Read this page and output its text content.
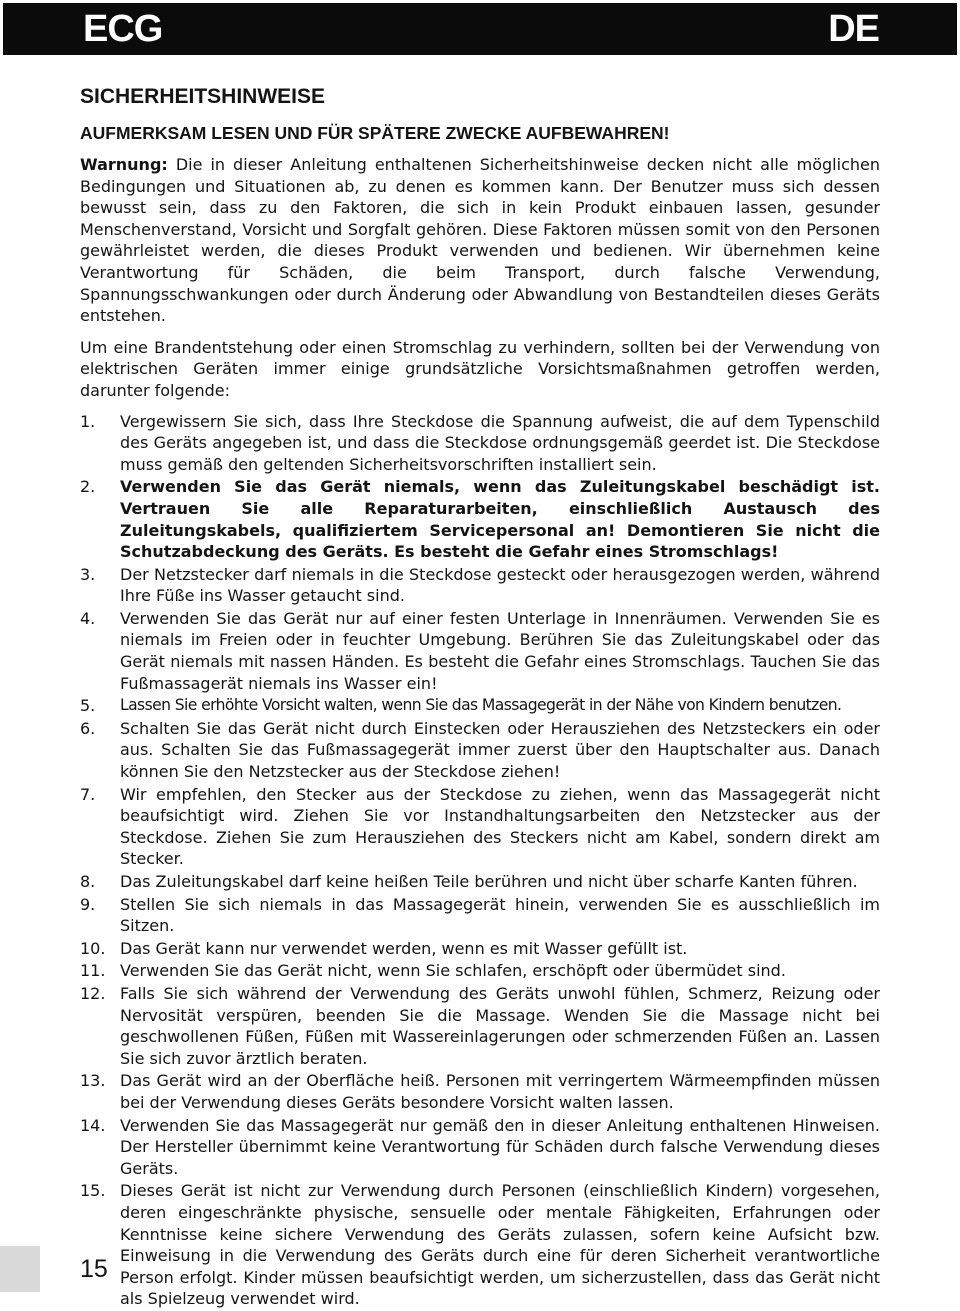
ECG	DE
SICHERHEITSHINWEISE
AUFMERKSAM LESEN UND FÜR SPÄTERE ZWECKE AUFBEWAHREN!

Warnung: Die in dieser Anleitung enthaltenen Sicherheitshinweise decken nicht alle möglichen Bedingungen und Situationen ab, zu denen es kommen kann. Der Benutzer muss sich dessen bewusst sein, dass zu den Faktoren, die sich in kein Produkt einbauen lassen, gesunder Menschenverstand, Vorsicht und Sorgfalt gehören. Diese Faktoren müssen somit von den Personen gewährleistet werden, die dieses Produkt verwenden und bedienen. Wir übernehmen keine Verantwortung für Schäden, die beim Transport, durch falsche Verwendung, Spannungsschwankungen oder durch Änderung oder Abwandlung von Bestandteilen dieses Geräts entstehen.

Um eine Brandentstehung oder einen Stromschlag zu verhindern, sollten bei der Verwendung von elektrischen Geräten immer einige grundsätzliche Vorsichtsmaßnahmen getroffen werden, darunter folgende:

1.	Vergewissern Sie sich, dass Ihre Steckdose die Spannung aufweist, die auf dem Typenschild des Geräts angegeben ist, und dass die Steckdose ordnungsgemäß geerdet ist. Die Steckdose muss gemäß den geltenden Sicherheitsvorschriften installiert sein.
2.	Verwenden Sie das Gerät niemals, wenn das Zuleitungskabel beschädigt ist. Vertrauen Sie alle Reparaturarbeiten, einschließlich Austausch des Zuleitungskabels, qualifiziertem Servicepersonal an! Demontieren Sie nicht die Schutzabdeckung des Geräts. Es besteht die Gefahr eines Stromschlags!
3.	Der Netzstecker darf niemals in die Steckdose gesteckt oder herausgezogen werden, während Ihre Füße ins Wasser getaucht sind.
4.	Verwenden Sie das Gerät nur auf einer festen Unterlage in Innenräumen. Verwenden Sie es niemals im Freien oder in feuchter Umgebung. Berühren Sie das Zuleitungskabel oder das Gerät niemals mit nassen Händen. Es besteht die Gefahr eines Stromschlags. Tauchen Sie das Fußmassagerät niemals ins Wasser ein!
5.	Lassen Sie erhöhte Vorsicht walten, wenn Sie das Massagegerät in der Nähe von Kindern benutzen.
6.	Schalten Sie das Gerät nicht durch Einstecken oder Herausziehen des Netzsteckers ein oder aus. Schalten Sie das Fußmassagegerät immer zuerst über den Hauptschalter aus. Danach können Sie den Netzstecker aus der Steckdose ziehen!
7.	Wir empfehlen, den Stecker aus der Steckdose zu ziehen, wenn das Massagegerät nicht beaufsichtigt wird. Ziehen Sie vor Instandhaltungsarbeiten den Netzstecker aus der Steckdose. Ziehen Sie zum Herausziehen des Steckers nicht am Kabel, sondern direkt am Stecker.
8.	Das Zuleitungskabel darf keine heißen Teile berühren und nicht über scharfe Kanten führen.
9.	Stellen Sie sich niemals in das Massagegerät hinein, verwenden Sie es ausschließlich im Sitzen.
10. Das Gerät kann nur verwendet werden, wenn es mit Wasser gefüllt ist.
11. Verwenden Sie das Gerät nicht, wenn Sie schlafen, erschöpft oder übermüdet sind.
12. Falls Sie sich während der Verwendung des Geräts unwohl fühlen, Schmerz, Reizung oder Nervosität verspüren, beenden Sie die Massage. Wenden Sie die Massage nicht bei geschwollenen Füßen, Füßen mit Wassereinlagerungen oder schmerzenden Füßen an. Lassen Sie sich zuvor ärztlich beraten.
13. Das Gerät wird an der Oberfläche heiß. Personen mit verringertem Wärmeempfinden müssen bei der Verwendung dieses Geräts besondere Vorsicht walten lassen.
14. Verwenden Sie das Massagegerät nur gemäß den in dieser Anleitung enthaltenen Hinweisen. Der Hersteller übernimmt keine Verantwortung für Schäden durch falsche Verwendung dieses Geräts.
15. Dieses Gerät ist nicht zur Verwendung durch Personen (einschließlich Kindern) vorgesehen, deren eingeschränkte physische, sensuelle oder mentale Fähigkeiten, Erfahrungen oder Kenntnisse keine sichere Verwendung des Geräts zulassen, sofern keine Aufsicht bzw. Einweisung in die Verwendung des Geräts durch eine für deren Sicherheit verantwortliche Person erfolgt. Kinder müssen beaufsichtigt werden, um sicherzustellen, dass das Gerät nicht als Spielzeug verwendet wird.
15
